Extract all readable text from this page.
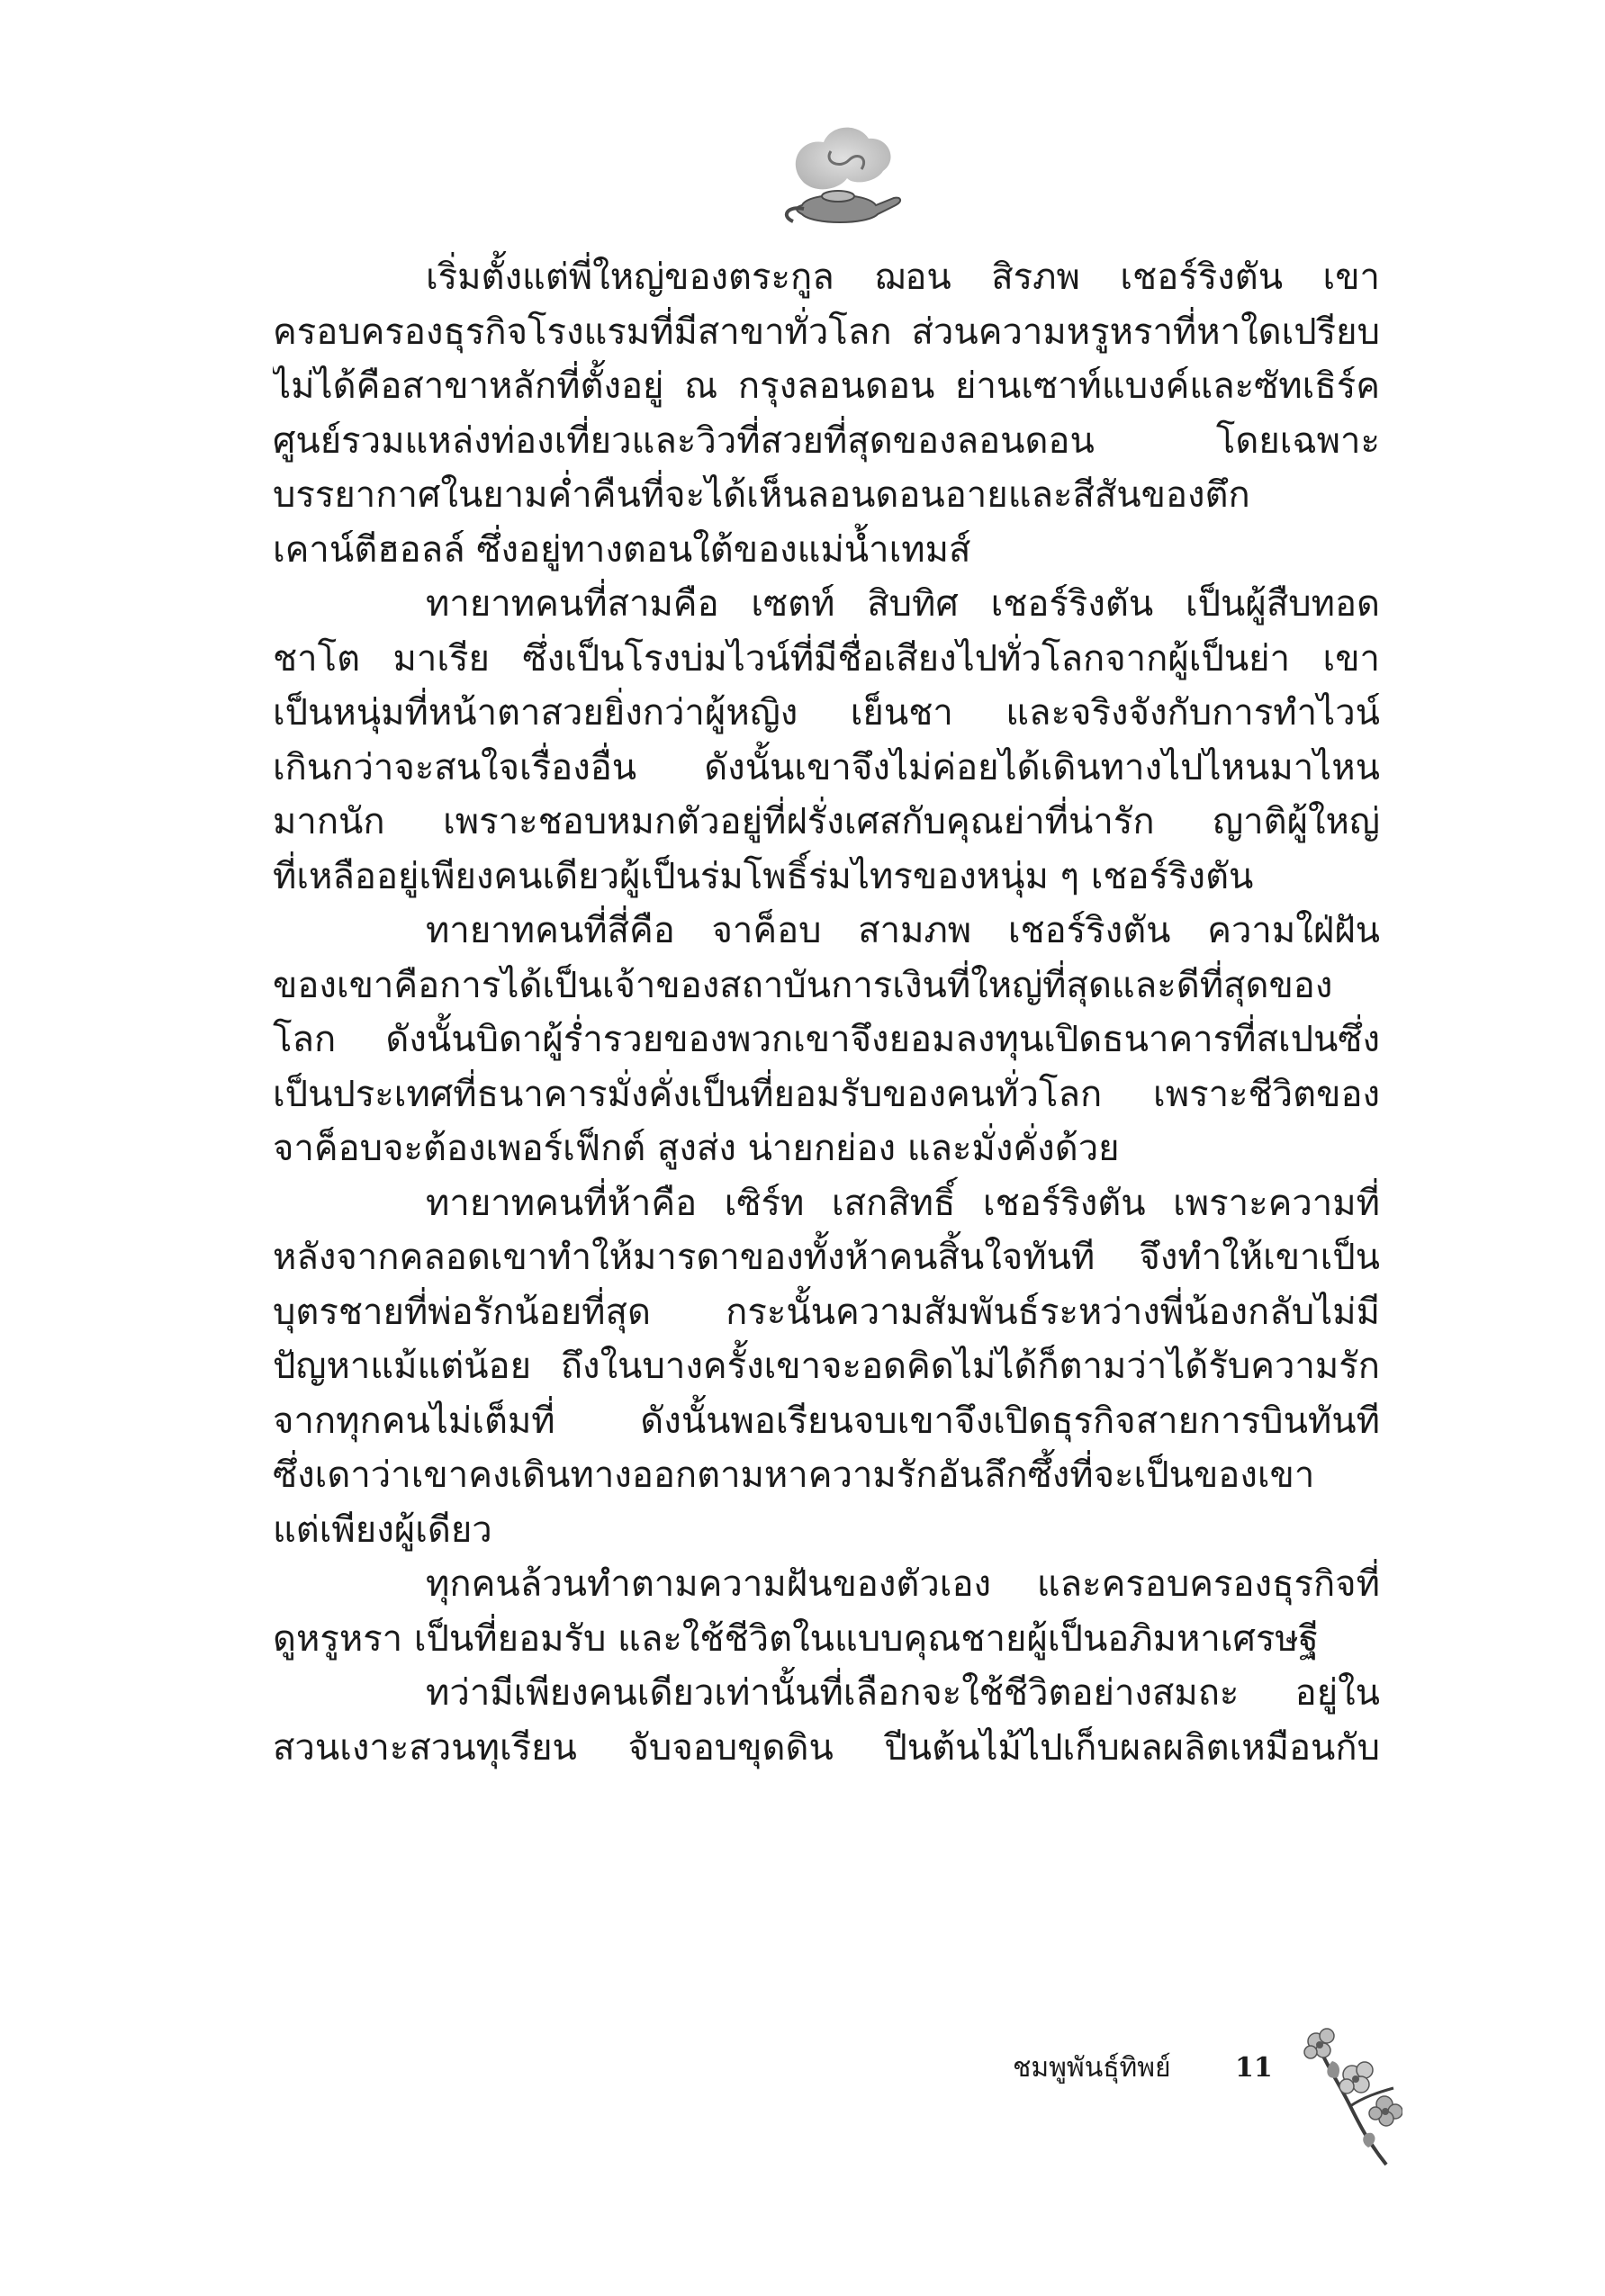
เริ่มตั้งแต่พี่ใหญ่ของตระกูล ฌอน สิรภพ เชอร์ริงตัน เขา
ครอบครองธุรกิจโรงแรมที่มีสาขาทั่วโลก ส่วนความหรูหราที่หาใดเปรียบ
ไม่ได้คือสาขาหลักที่ตั้งอยู่ ณ กรุงลอนดอน ย่านเซาท์แบงค์และซัทเธิร์ค
ศูนย์รวมแหล่งท่องเที่ยวและวิวที่สวยที่สุดของลอนดอน โดยเฉพาะ
บรรยากาศในยามค่ำคืนที่จะได้เห็นลอนดอนอายและสีสันของตึก
เคาน์ตีฮอลล์ ซึ่งอยู่ทางตอนใต้ของแม่น้ำเทมส์
ทายาทคนที่สามคือ เซตท์ สิบทิศ เชอร์ริงตัน เป็นผู้สืบทอด
ชาโต มาเรีย ซึ่งเป็นโรงบ่มไวน์ที่มีชื่อเสียงไปทั่วโลกจากผู้เป็นย่า เขา
เป็นหนุ่มที่หน้าตาสวยยิ่งกว่าผู้หญิง เย็นชา และจริงจังกับการทำไวน์
เกินกว่าจะสนใจเรื่องอื่น ดังนั้นเขาจึงไม่ค่อยได้เดินทางไปไหนมาไหน
มากนัก เพราะชอบหมกตัวอยู่ที่ฝรั่งเศสกับคุณย่าที่น่ารัก ญาติผู้ใหญ่
ที่เหลืออยู่เพียงคนเดียวผู้เป็นร่มโพธิ์ร่มไทรของหนุ่ม ๆ เชอร์ริงตัน
ทายาทคนที่สี่คือ จาค็อบ สามภพ เชอร์ริงตัน ความใฝ่ฝัน
ของเขาคือการได้เป็นเจ้าของสถาบันการเงินที่ใหญ่ที่สุดและดีที่สุดของ
โลก ดังนั้นบิดาผู้ร่ำรวยของพวกเขาจึงยอมลงทุนเปิดธนาคารที่สเปนซึ่ง
เป็นประเทศที่ธนาคารมั่งคั่งเป็นที่ยอมรับของคนทั่วโลก เพราะชีวิตของ
จาค็อบจะต้องเพอร์เฟ็กต์ สูงส่ง น่ายกย่อง และมั่งคั่งด้วย
ทายาทคนที่ห้าคือ เซิร์ท เสกสิทธิ์ เชอร์ริงตัน เพราะความที่
หลังจากคลอดเขาทำให้มารดาของทั้งห้าคนสิ้นใจทันที จึงทำให้เขาเป็น
บุตรชายที่พ่อรักน้อยที่สุด กระนั้นความสัมพันธ์ระหว่างพี่น้องกลับไม่มี
ปัญหาแม้แต่น้อย ถึงในบางครั้งเขาจะอดคิดไม่ได้ก็ตามว่าได้รับความรัก
จากทุกคนไม่เต็มที่ ดังนั้นพอเรียนจบเขาจึงเปิดธุรกิจสายการบินทันที
ซึ่งเดาว่าเขาคงเดินทางออกตามหาความรักอันลึกซึ้งที่จะเป็นของเขา
แต่เพียงผู้เดียว
ทุกคนล้วนทำตามความฝันของตัวเอง และครอบครองธุรกิจที่
ดูหรูหรา เป็นที่ยอมรับ และใช้ชีวิตในแบบคุณชายผู้เป็นอภิมหาเศรษฐี
ทว่ามีเพียงคนเดียวเท่านั้นที่เลือกจะใช้ชีวิตอย่างสมถะ อยู่ใน
สวนเงาะสวนทุเรียน จับจอบขุดดิน ปีนต้นไม้ไปเก็บผลผลิตเหมือนกับ
ชมพูพันธุ์ทิพย์ 11
